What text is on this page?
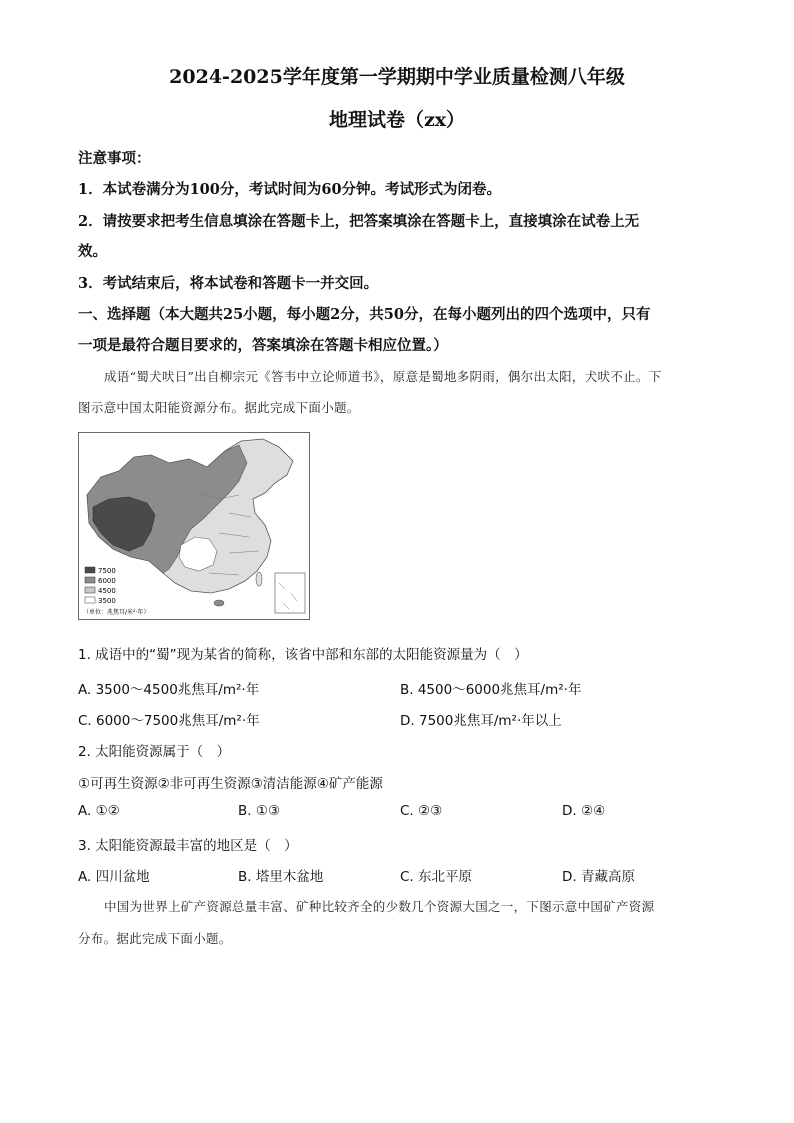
2024-2025学年度第一学期期中学业质量检测八年级
地理试卷（zx）
注意事项：
1．本试卷满分为100分，考试时间为60分钟。考试形式为闭卷。
2．请按要求把考生信息填涂在答题卡上，把答案填涂在答题卡上，直接填涂在试卷上无
效。
3．考试结束后，将本试卷和答题卡一并交回。
一、选择题（本大题共25小题，每小题2分，共50分，在每小题列出的四个选项中，只有
一项是最符合题目要求的，答案填涂在答题卡相应位置。）
成语“蜀犬吠日”出自柳宗元《答韦中立论师道书》，原意是蜀地多阴雨，偶尔出太阳，犬吠不止。下
图示意中国太阳能资源分布。据此完成下面小题。
7500
6000
4500
3500
（单位：兆焦耳/米²·年）
1. 成语中的“蜀”现为某省的简称，该省中部和东部的太阳能资源量为（　）
A. 3500～4500兆焦耳/m²·年	B. 4500～6000兆焦耳/m²·年
C. 6000～7500兆焦耳/m²·年	D. 7500兆焦耳/m²·年以上
2. 太阳能资源属于（　）
①可再生资源②非可再生资源③清洁能源④矿产能源
A. ①②	B. ①③	C. ②③	D. ②④
3. 太阳能资源最丰富的地区是（　）
A. 四川盆地	B. 塔里木盆地	C. 东北平原	D. 青藏高原
中国为世界上矿产资源总量丰富、矿种比较齐全的少数几个资源大国之一，下图示意中国矿产资源
分布。据此完成下面小题。
